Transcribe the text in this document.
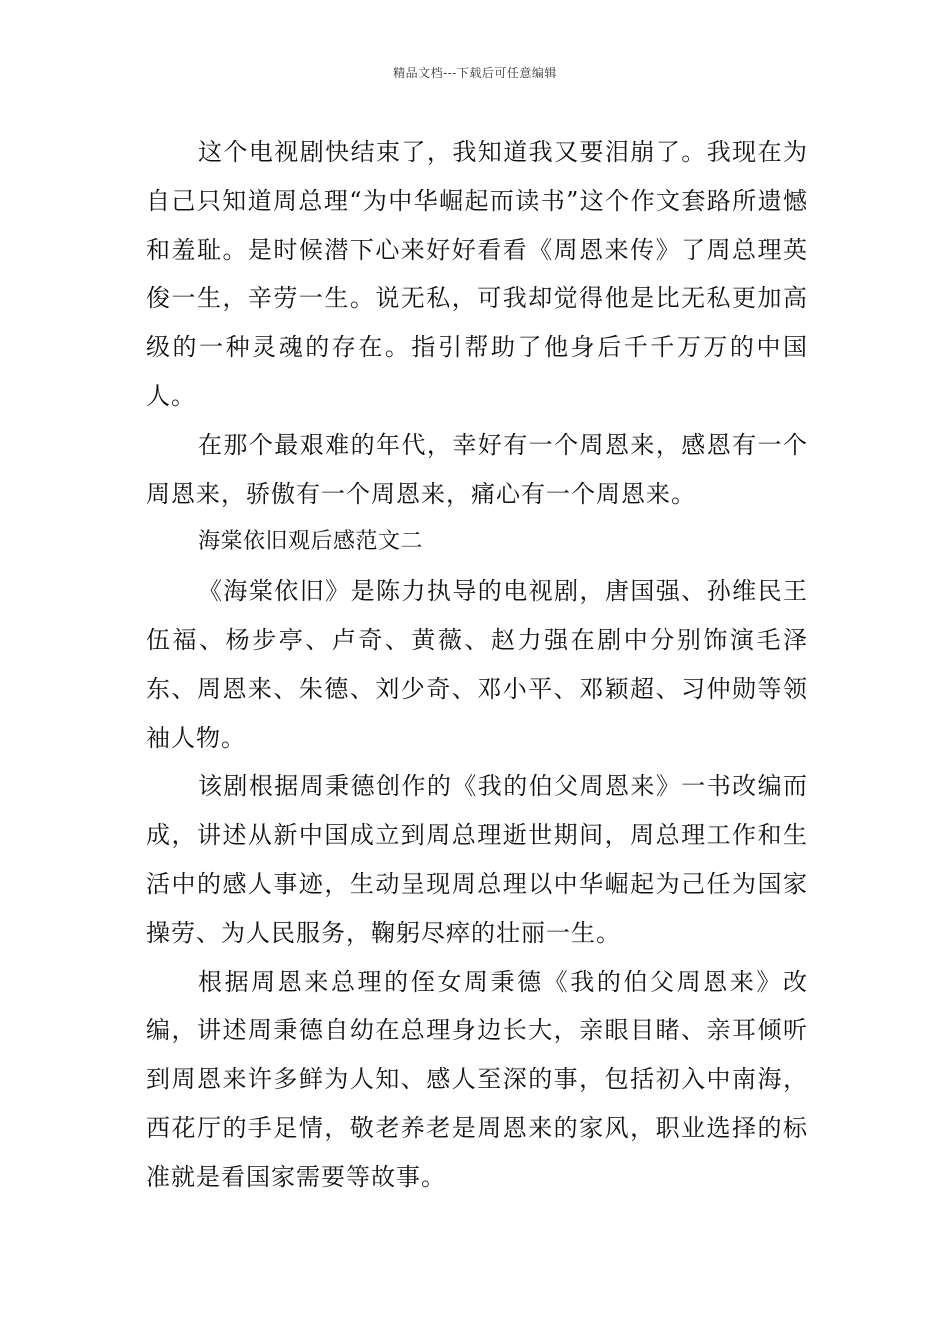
精品文档---下载后可任意编辑

这个电视剧快结束了，我知道我又要泪崩了。我现在为自己只知道周总理“为中华崛起而读书”这个作文套路所遗憾和羞耻。是时候潜下心来好好看看《周恩来传》了周总理英俊一生，辛劳一生。说无私，可我却觉得他是比无私更加高级的一种灵魂的存在。指引帮助了他身后千千万万的中国人。

在那个最艰难的年代，幸好有一个周恩来，感恩有一个周恩来，骄傲有一个周恩来，痛心有一个周恩来。

海棠依旧观后感范文二

《海棠依旧》是陈力执导的电视剧，唐国强、孙维民王伍福、杨步亭、卢奇、黄薇、赵力强在剧中分别饰演毛泽东、周恩来、朱德、刘少奇、邓小平、邓颖超、习仲勋等领袖人物。

该剧根据周秉德创作的《我的伯父周恩来》一书改编而成，讲述从新中国成立到周总理逝世期间，周总理工作和生活中的感人事迹，生动呈现周总理以中华崛起为己任为国家操劳、为人民服务，鞠躬尽瘁的壮丽一生。

根据周恩来总理的侄女周秉德《我的伯父周恩来》改编，讲述周秉德自幼在总理身边长大，亲眼目睹、亲耳倾听到周恩来许多鲜为人知、感人至深的事，包括初入中南海，西花厅的手足情，敬老养老是周恩来的家风，职业选择的标准就是看国家需要等故事。
